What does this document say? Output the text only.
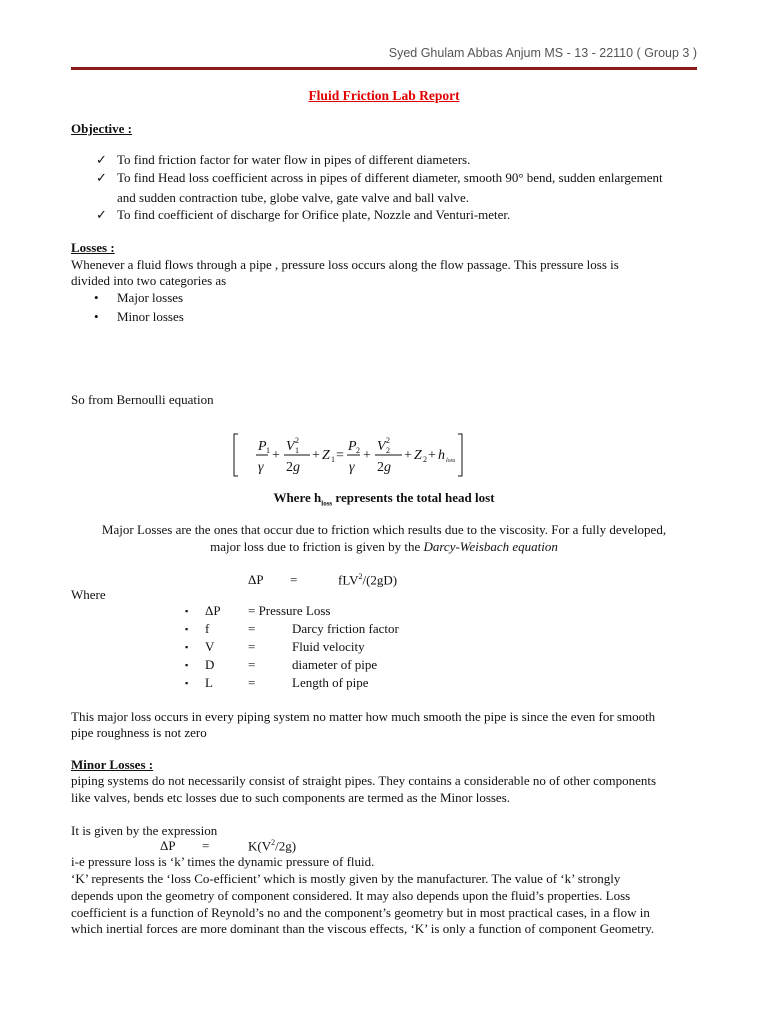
Syed Ghulam Abbas Anjum MS - 13 - 22110 ( Group 3 )
Fluid Friction Lab Report
Objective :
✓ To find friction factor for water flow in pipes of different diameters.
✓ To find Head loss coefficient across in pipes of different diameter, smooth 90° bend, sudden enlargement
and sudden contraction tube, globe valve, gate valve and ball valve.
✓ To find coefficient of discharge for Orifice plate, Nozzle and Venturi-meter.
Losses :
Whenever a fluid flows through a pipe , pressure loss occurs along the flow passage. This pressure loss is
divided into two categories as
• Major losses
• Minor losses
So from Bernoulli equation
P 1
γ
+
V 2
1
2g
+ Z 1 =
P 2
γ
+
V 2
2
2g
+ Z 2 + h loss
Where $h_{loss}$ represents the total head lost
Major Losses are the ones that occur due to friction which results due to the viscosity. For a fully developed,
major loss due to friction is given by the Darcy-Weisbach equation
ΔP =	fLV$^2$/(2gD)
Where
▪ ΔP = Pressure Loss
▪ f	=	Darcy friction factor
▪ V	=	Fluid velocity
▪ D	=	diameter of pipe
▪ L	=	Length of pipe
This major loss occurs in every piping system no matter how much smooth the pipe is since the even for smooth
pipe roughness is not zero
Minor Losses :
piping systems do not necessarily consist of straight pipes. They contains a considerable no of other components
like valves, bends etc losses due to such components are termed as the Minor losses.
It is given by the expression
ΔP =	$K(V^2/2g)$
i-e pressure loss is ‘k’ times the dynamic pressure of fluid.
‘K’ represents the ‘loss Co-efficient’ which is mostly given by the manufacturer. The value of ‘k’ strongly
depends upon the geometry of component considered. It may also depends upon the fluid’s properties. Loss
coefficient is a function of Reynold’s no and the component’s geometry but in most practical cases, in a flow in
which inertial forces are more dominant than the viscous effects, ‘K’ is only a function of component Geometry.
